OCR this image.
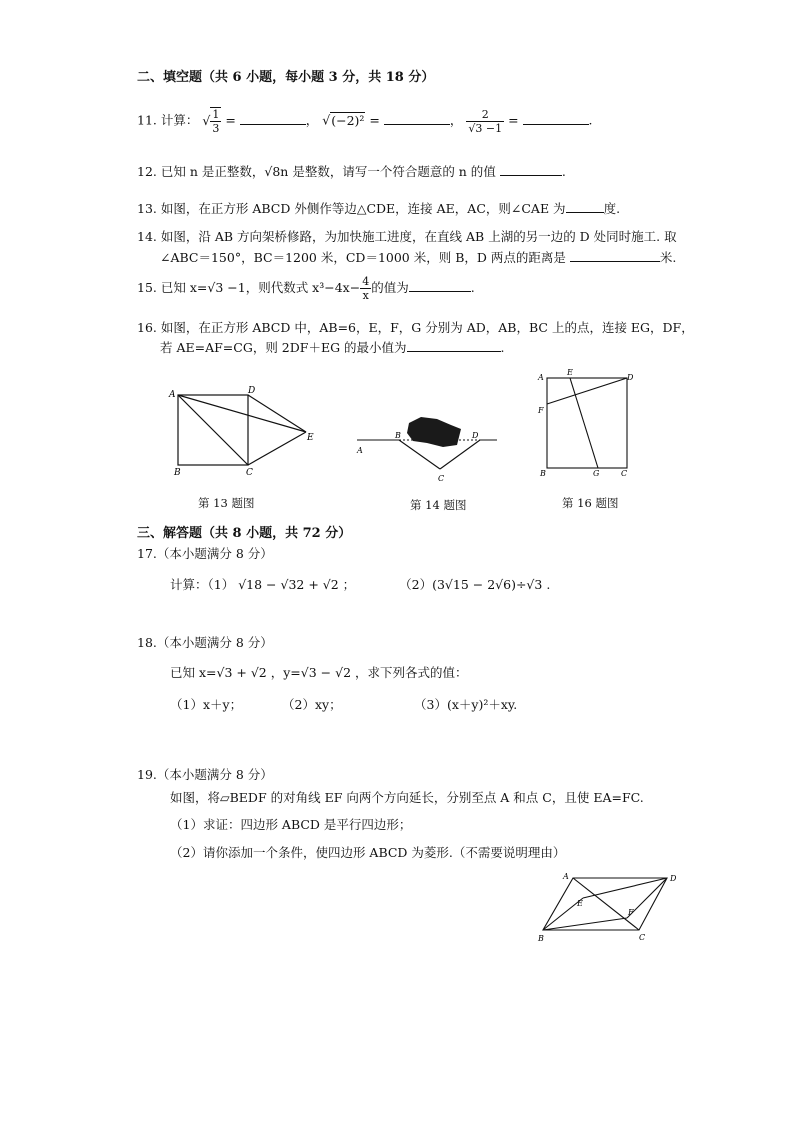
二、填空题（共 6 小题，每小题 3 分，共 18 分）
11. 计算： √ $\frac{1}{3}$ =	， √(−2)² =	， $\frac{2}{√3 -1}$ =	.
12. 已知 n 是正整数，√8n 是整数，请写一个符合题意的 n 的值	.
13. 如图，在正方形 ABCD 外侧作等边△CDE，连接 AE，AC，则∠CAE 为	度.
14. 如图，沿 AB 方向架桥修路，为加快施工进度，在直线 AB 上湖的另一边的 D 处同时施工. 取
∠ABC＝150°，BC＝1200 米，CD＝1000 米，则 B，D 两点的距离是	米.
15. 已知 x=√3 −1，则代数式 $x^3-4x- \frac{4}{x}$ 的值为	.
16. 如图，在正方形 ABCD 中，AB=6，E，F，G 分别为 AD，AB，BC 上的点，连接 EG，DF，
若 AE=AF=CG，则 2DF＋EG 的最小值为	.
A	D
B	C
E
第 13 题图
A
B	D
C
第 14 题图
A
E
D
F
B	G	C
第 16 题图
三、解答题（共 8 小题，共 72 分）
17.（本小题满分 8 分）
计算：（1） √18 − √32 + √2 ；	（2）(3√15 − 2√6)÷√3 .
18.（本小题满分 8 分）
已知 x=√3 + √2 ，y=√3 − √2 ，求下列各式的值：
（1）x＋y；	（2）xy；	（3）(x＋y)²＋xy.
19.（本小题满分 8 分）
如图，将▱BEDF 的对角线 EF 向两个方向延长，分别至点 A 和点 C，且使 EA=FC.
（1）求证：四边形 ABCD 是平行四边形；
（2）请你添加一个条件，使四边形 ABCD 为菱形.（不需要说明理由）
A	D
E
F
B	C
